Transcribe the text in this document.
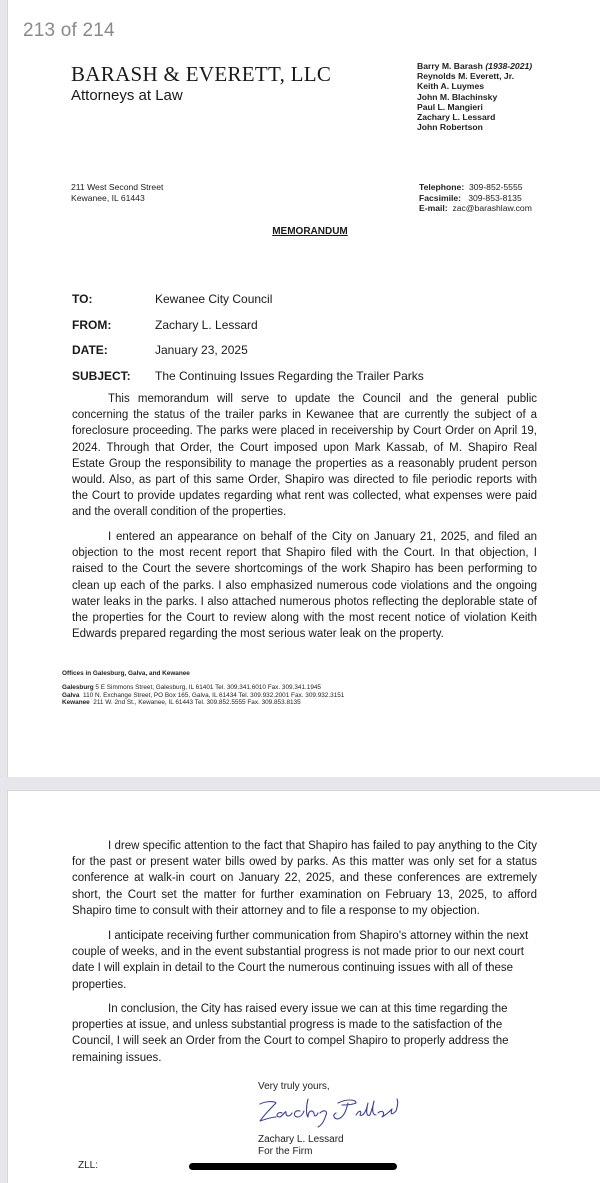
213 of 214
BARASH & EVERETT, LLC
Attorneys at Law
Barry M. Barash (1938-2021)
Reynolds M. Everett, Jr.
Keith A. Luymes
John M. Blachinsky
Paul L. Mangieri
Zachary L. Lessard
John Robertson
211 West Second Street
Kewanee, IL 61443
Telephone: 309-852-5555
Facsimile: 309-853-8135
E-mail: zac@barashlaw.com
MEMORANDUM
TO:	Kewanee City Council
FROM:	Zachary L. Lessard
DATE:	January 23, 2025
SUBJECT: The Continuing Issues Regarding the Trailer Parks
This memorandum will serve to update the Council and the general public concerning the status of the trailer parks in Kewanee that are currently the subject of a foreclosure proceeding. The parks were placed in receivership by Court Order on April 19, 2024. Through that Order, the Court imposed upon Mark Kassab, of M. Shapiro Real Estate Group the responsibility to manage the properties as a reasonably prudent person would. Also, as part of this same Order, Shapiro was directed to file periodic reports with the Court to provide updates regarding what rent was collected, what expenses were paid and the overall condition of the properties.
I entered an appearance on behalf of the City on January 21, 2025, and filed an objection to the most recent report that Shapiro filed with the Court. In that objection, I raised to the Court the severe shortcomings of the work Shapiro has been performing to clean up each of the parks. I also emphasized numerous code violations and the ongoing water leaks in the parks. I also attached numerous photos reflecting the deplorable state of the properties for the Court to review along with the most recent notice of violation Keith Edwards prepared regarding the most serious water leak on the property.
Offices in Galesburg, Galva, and Kewanee
Galesburg 5 E Simmons Street, Galesburg, IL 61401 Tel. 309.341.6010 Fax. 309.341.1945
Galva 110 N. Exchange Street, PO Box 165, Galva, IL 61434 Tel. 309.932.2001 Fax. 309.932.3151
Kewanee 211 W. 2nd St., Kewanee, IL 61443 Tel. 309.852.5555 Fax. 309.853.8135
I drew specific attention to the fact that Shapiro has failed to pay anything to the City for the past or present water bills owed by parks. As this matter was only set for a status conference at walk-in court on January 22, 2025, and these conferences are extremely short, the Court set the matter for further examination on February 13, 2025, to afford Shapiro time to consult with their attorney and to file a response to my objection.
I anticipate receiving further communication from Shapiro's attorney within the next couple of weeks, and in the event substantial progress is not made prior to our next court date I will explain in detail to the Court the numerous continuing issues with all of these properties.
In conclusion, the City has raised every issue we can at this time regarding the properties at issue, and unless substantial progress is made to the satisfaction of the Council, I will seek an Order from the Court to compel Shapiro to properly address the remaining issues.
Very truly yours,
Zachary L. Lessard
For the Firm
ZLL:
